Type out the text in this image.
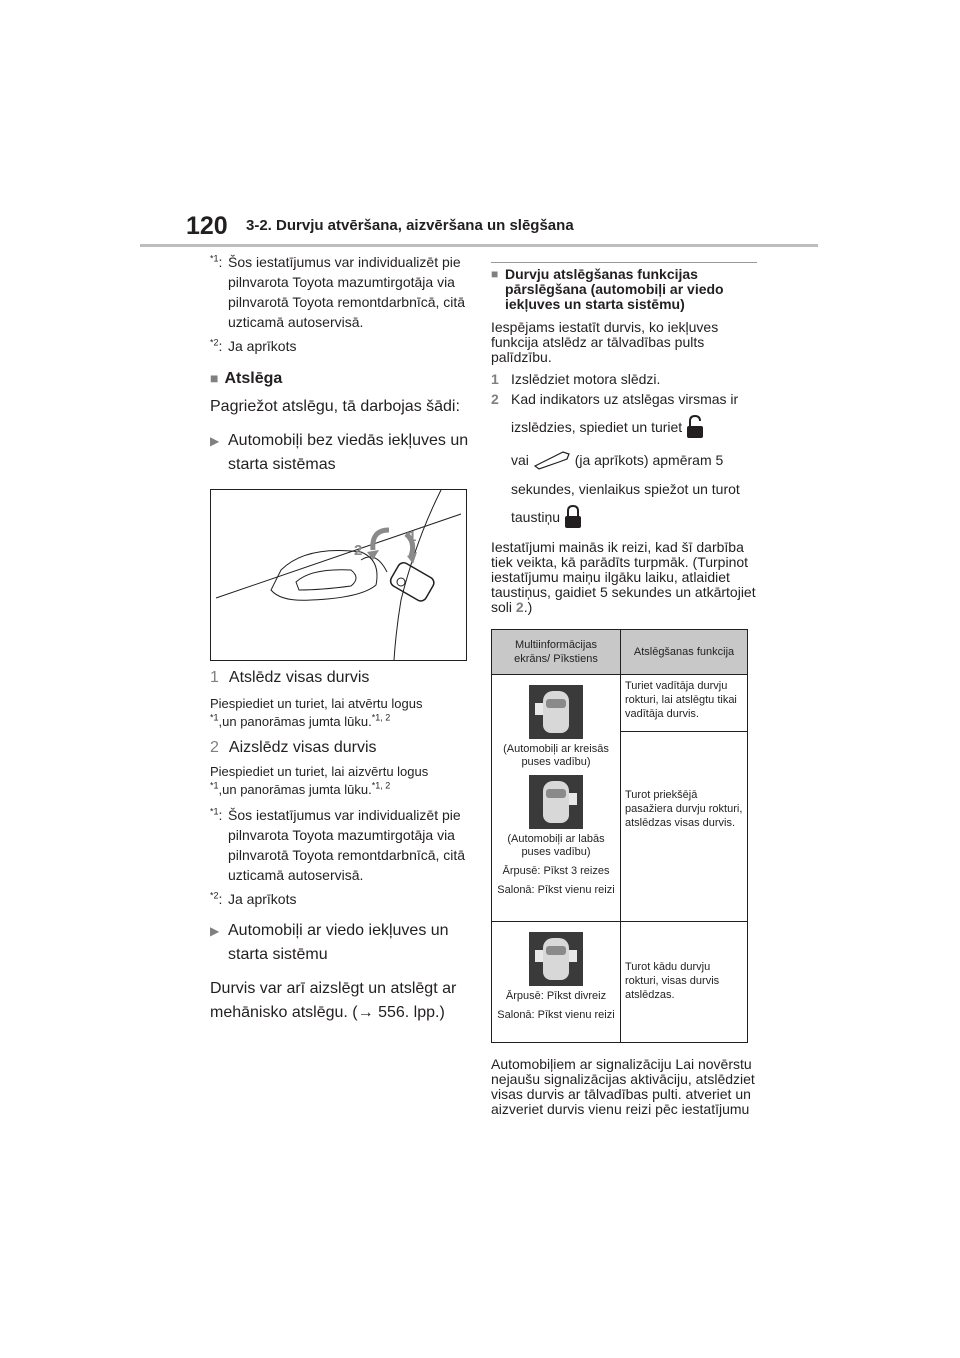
120 3-2. Durvju atvēršana, aizvēršana un slēgšana
$^{*1}$: Šos iestatījumus var individualizēt pie pilnvarota Toyota mazumtirgotāja via pilnvarotā Toyota remontdarbnīcā, citā uzticamā autoservisā.
$^{*2}$: Ja aprīkots
■ Atslēga
Pagriežot atslēgu, tā darbojas šādi:
▶ Automobiļi bez viedās iekļuves un starta sistēmas
2
1
1 Atslēdz visas durvis
Piespiediet un turiet, lai atvērtu logus
$^{*1}$,un panorāmas jumta lūku.$^{*1, 2}$
2 Aizslēdz visas durvis
Piespiediet un turiet, lai aizvērtu logus
$^{*1}$,un panorāmas jumta lūku.$^{*1, 2}$
$^{*1}$: Šos iestatījumus var individualizēt pie pilnvarota Toyota mazumtirgotāja via pilnvarotā Toyota remontdarbnīcā, citā uzticamā autoservisā.
$^{*2}$: Ja aprīkots
▶ Automobiļi ar viedo iekļuves un starta sistēmu
Durvis var arī aizslēgt un atslēgt ar mehānisko atslēgu. (→ 556. lpp.)
■ Durvju atslēgšanas funkcijas pārslēgšana (automobiļi ar viedo iekļuves un starta sistēmu)
Iespējams iestatīt durvis, ko iekļuves funkcija atslēdz ar tālvadības pults palīdzību.
1 Izslēdziet motora slēdzi.
2 Kad indikators uz atslēgas virsmas ir
izslēdzies, spiediet un turiet
vai	(ja aprīkots) apmēram 5
sekundes, vienlaikus spiežot un turot
taustiņu
Iestatījumi mainās ik reizi, kad šī darbība tiek veikta, kā parādīts turpmāk. (Turpinot iestatījumu maiņu ilgāku laiku, atlaidiet taustiņus, gaidiet 5 sekundes un atkārtojiet soli 2.)
Multiinformācijas ekrāns/ Pīkstiens	Atslēgšanas funkcija

(Automobiļi ar kreisās puses vadību)
(Automobiļi ar labās puses vadību)
Ārpusē: Pīkst 3 reizes
Salonā: Pīkst vienu reizi	Turiet vadītāja durvju rokturi, lai atslēgtu tikai vadītāja durvis.
	Turot priekšējā pasažiera durvju rokturi, atslēdzas visas durvis.

Ārpusē: Pīkst divreiz
Salonā: Pīkst vienu reizi	Turot kādu durvju rokturi, visas durvis atslēdzas.
Automobiļiem ar signalizāciju Lai novērstu nejaušu signalizācijas aktivāciju, atslēdziet visas durvis ar tālvadības pulti. atveriet un aizveriet durvis vienu reizi pēc iestatījumu
